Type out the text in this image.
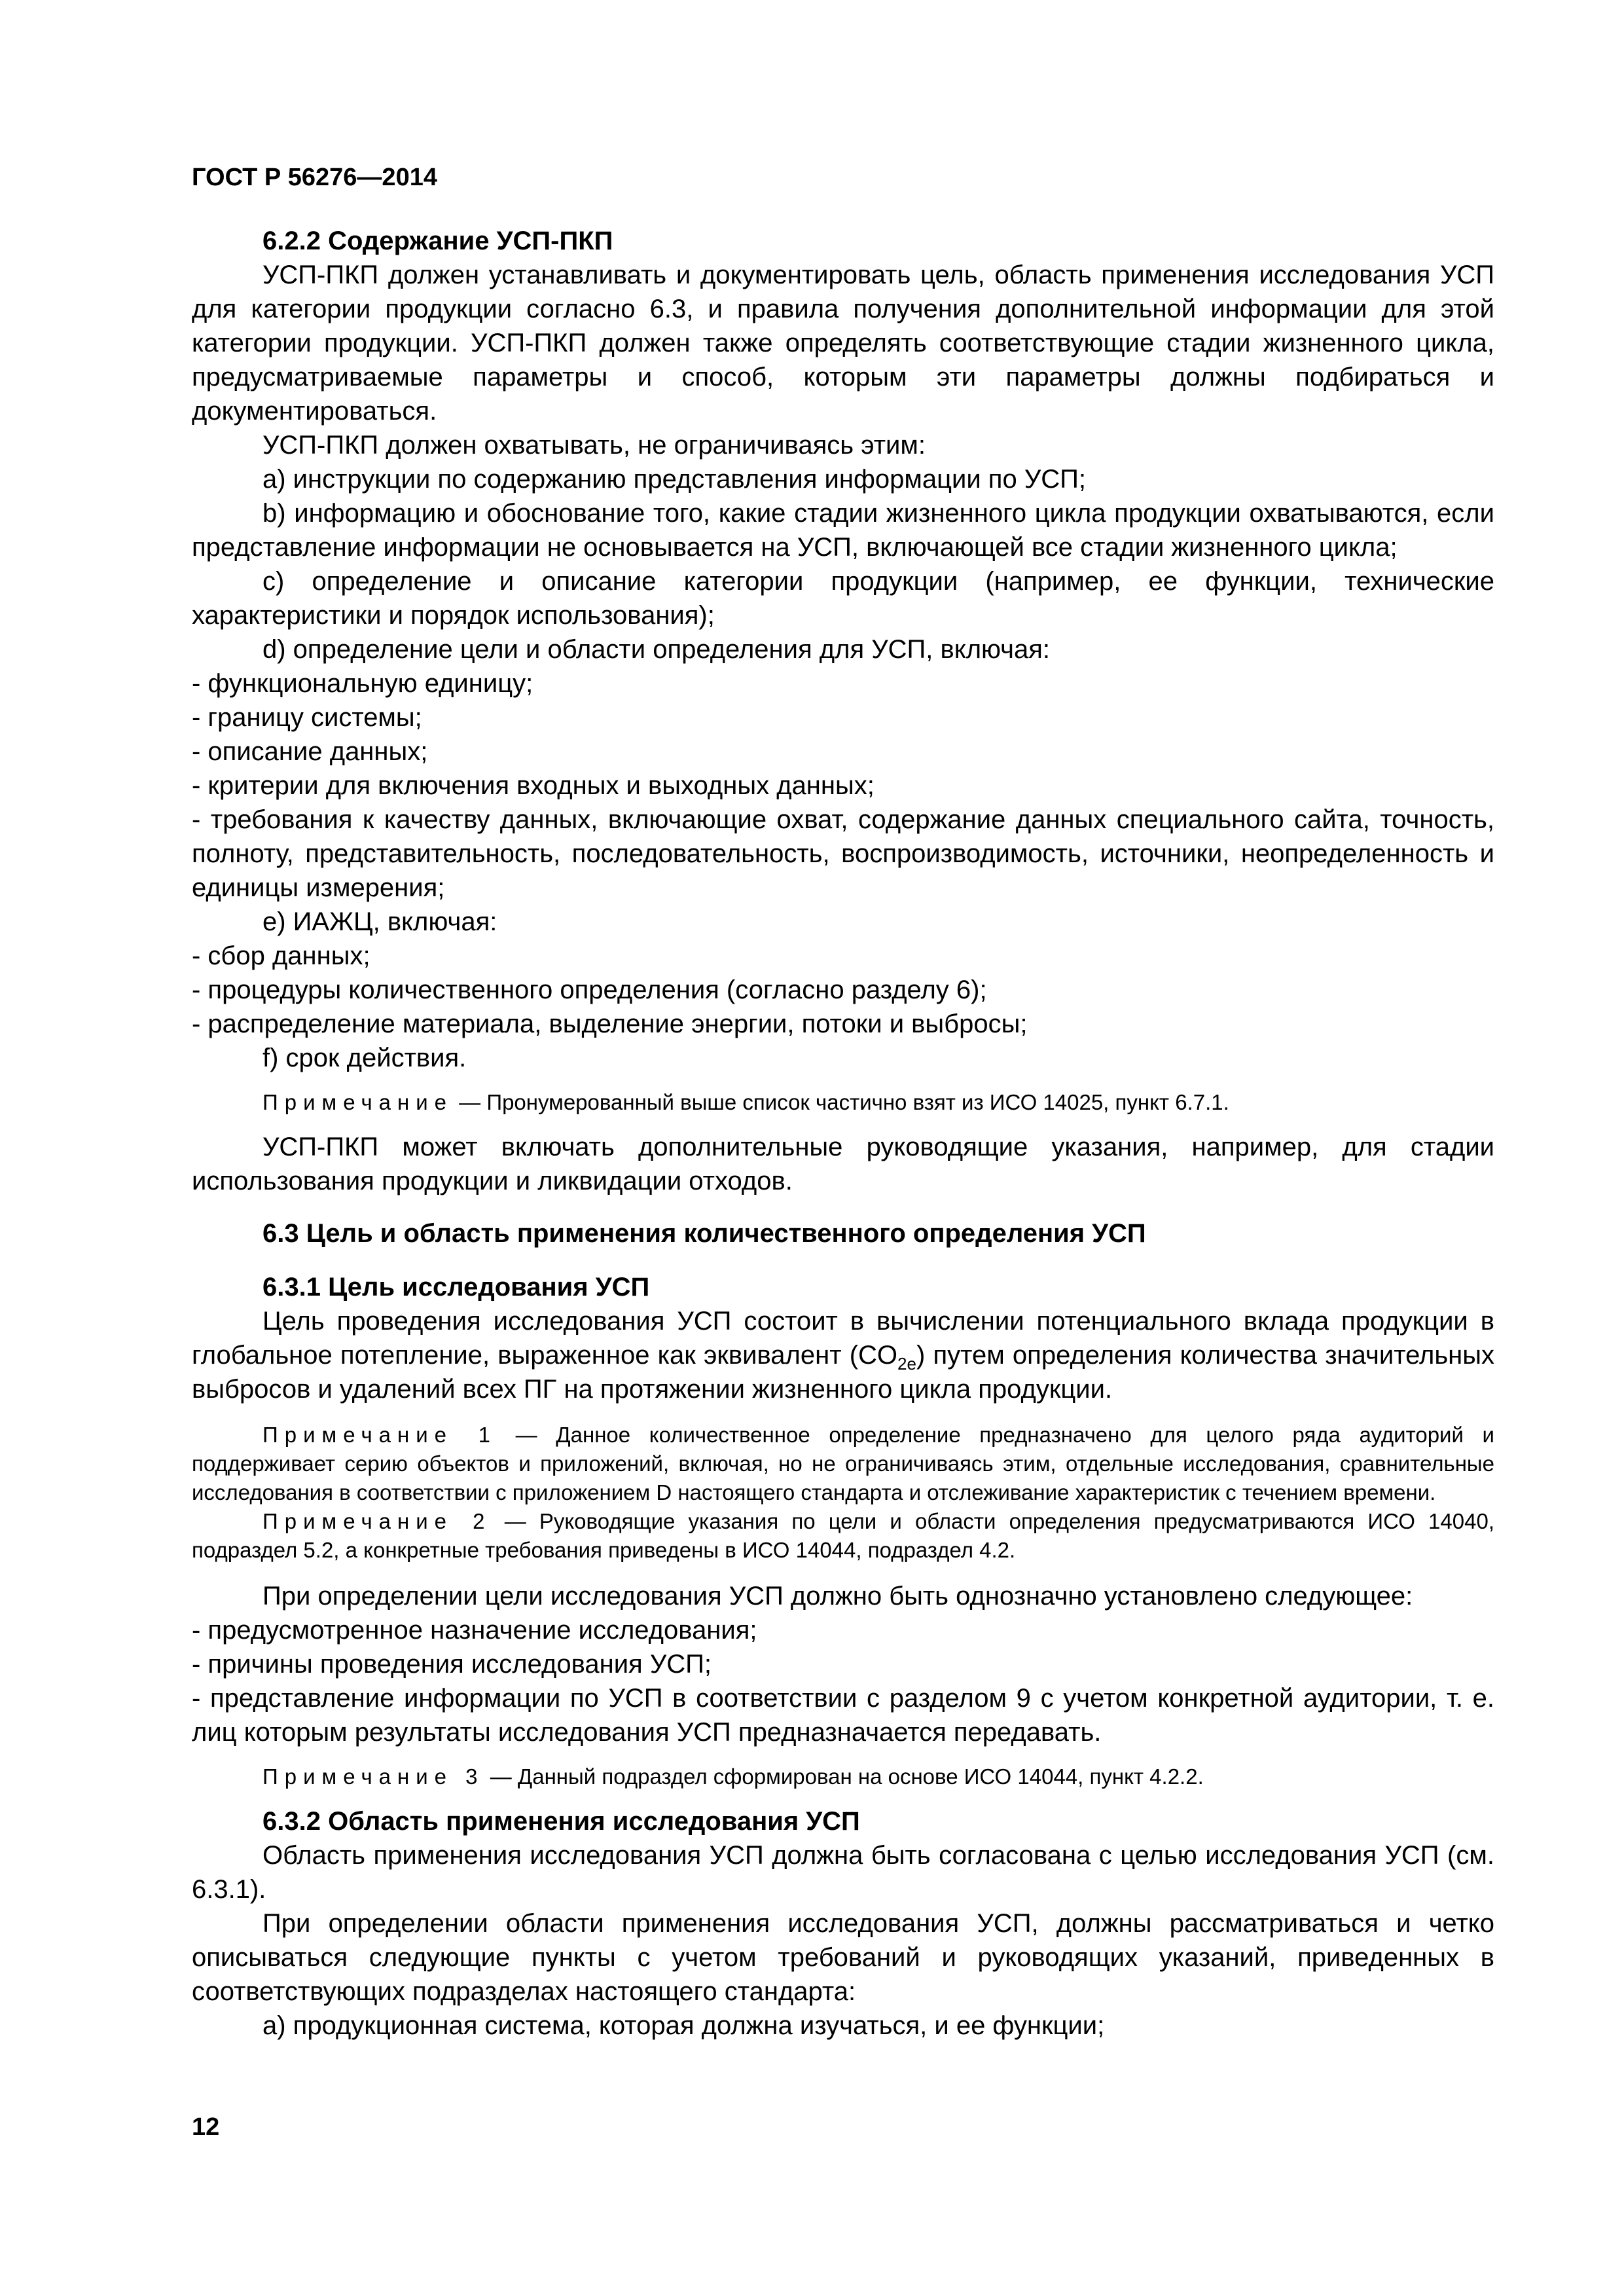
ГОСТ Р 56276—2014

6.2.2 Содержание УСП-ПКП

УСП-ПКП должен устанавливать и документировать цель, область применения исследования УСП для категории продукции согласно 6.3, и правила получения дополнительной информации для этой категории продукции. УСП-ПКП должен также определять соответствующие стадии жизненного цикла, предусматриваемые параметры и способ, которым эти параметры должны подбираться и документироваться.

УСП-ПКП должен охватывать, не ограничиваясь этим:

a) инструкции по содержанию представления информации по УСП;

b) информацию и обоснование того, какие стадии жизненного цикла продукции охватываются, если представление информации не основывается на УСП, включающей все стадии жизненного цикла;

c) определение и описание категории продукции (например, ее функции, технические характеристики и порядок использования);

d) определение цели и области определения для УСП, включая:

- функциональную единицу;

- границу системы;

- описание данных;

- критерии для включения входных и выходных данных;

- требования к качеству данных, включающие охват, содержание данных специального сайта, точность, полноту, представительность, последовательность, воспроизводимость, источники, неопределенность и единицы измерения;

e) ИАЖЦ, включая:

- сбор данных;

- процедуры количественного определения (согласно разделу 6);

- распределение материала, выделение энергии, потоки и выбросы;

f) срок действия.

Примечание — Пронумерованный выше список частично взят из ИСО 14025, пункт 6.7.1.

УСП-ПКП может включать дополнительные руководящие указания, например, для стадии использования продукции и ликвидации отходов.

6.3 Цель и область применения количественного определения УСП

6.3.1 Цель исследования УСП

Цель проведения исследования УСП состоит в вычислении потенциального вклада продукции в глобальное потепление, выраженное как эквивалент $(CO_{2e})$ путем определения количества значительных выбросов и удалений всех ПГ на протяжении жизненного цикла продукции.

Примечание 1 — Данное количественное определение предназначено для целого ряда аудиторий и поддерживает серию объектов и приложений, включая, но не ограничиваясь этим, отдельные исследования, сравнительные исследования в соответствии с приложением D настоящего стандарта и отслеживание характеристик с течением времени.

Примечание 2 — Руководящие указания по цели и области определения предусматриваются ИСО 14040, подраздел 5.2, а конкретные требования приведены в ИСО 14044, подраздел 4.2.

При определении цели исследования УСП должно быть однозначно установлено следующее:

- предусмотренное назначение исследования;

- причины проведения исследования УСП;

- представление информации по УСП в соответствии с разделом 9 с учетом конкретной аудитории, т. е. лиц которым результаты исследования УСП предназначается передавать.

Примечание 3 — Данный подраздел сформирован на основе ИСО 14044, пункт 4.2.2.

6.3.2 Область применения исследования УСП

Область применения исследования УСП должна быть согласована с целью исследования УСП (см. 6.3.1).

При определении области применения исследования УСП, должны рассматриваться и четко описываться следующие пункты с учетом требований и руководящих указаний, приведенных в соответствующих подразделах настоящего стандарта:

a) продукционная система, которая должна изучаться, и ее функции;

12
